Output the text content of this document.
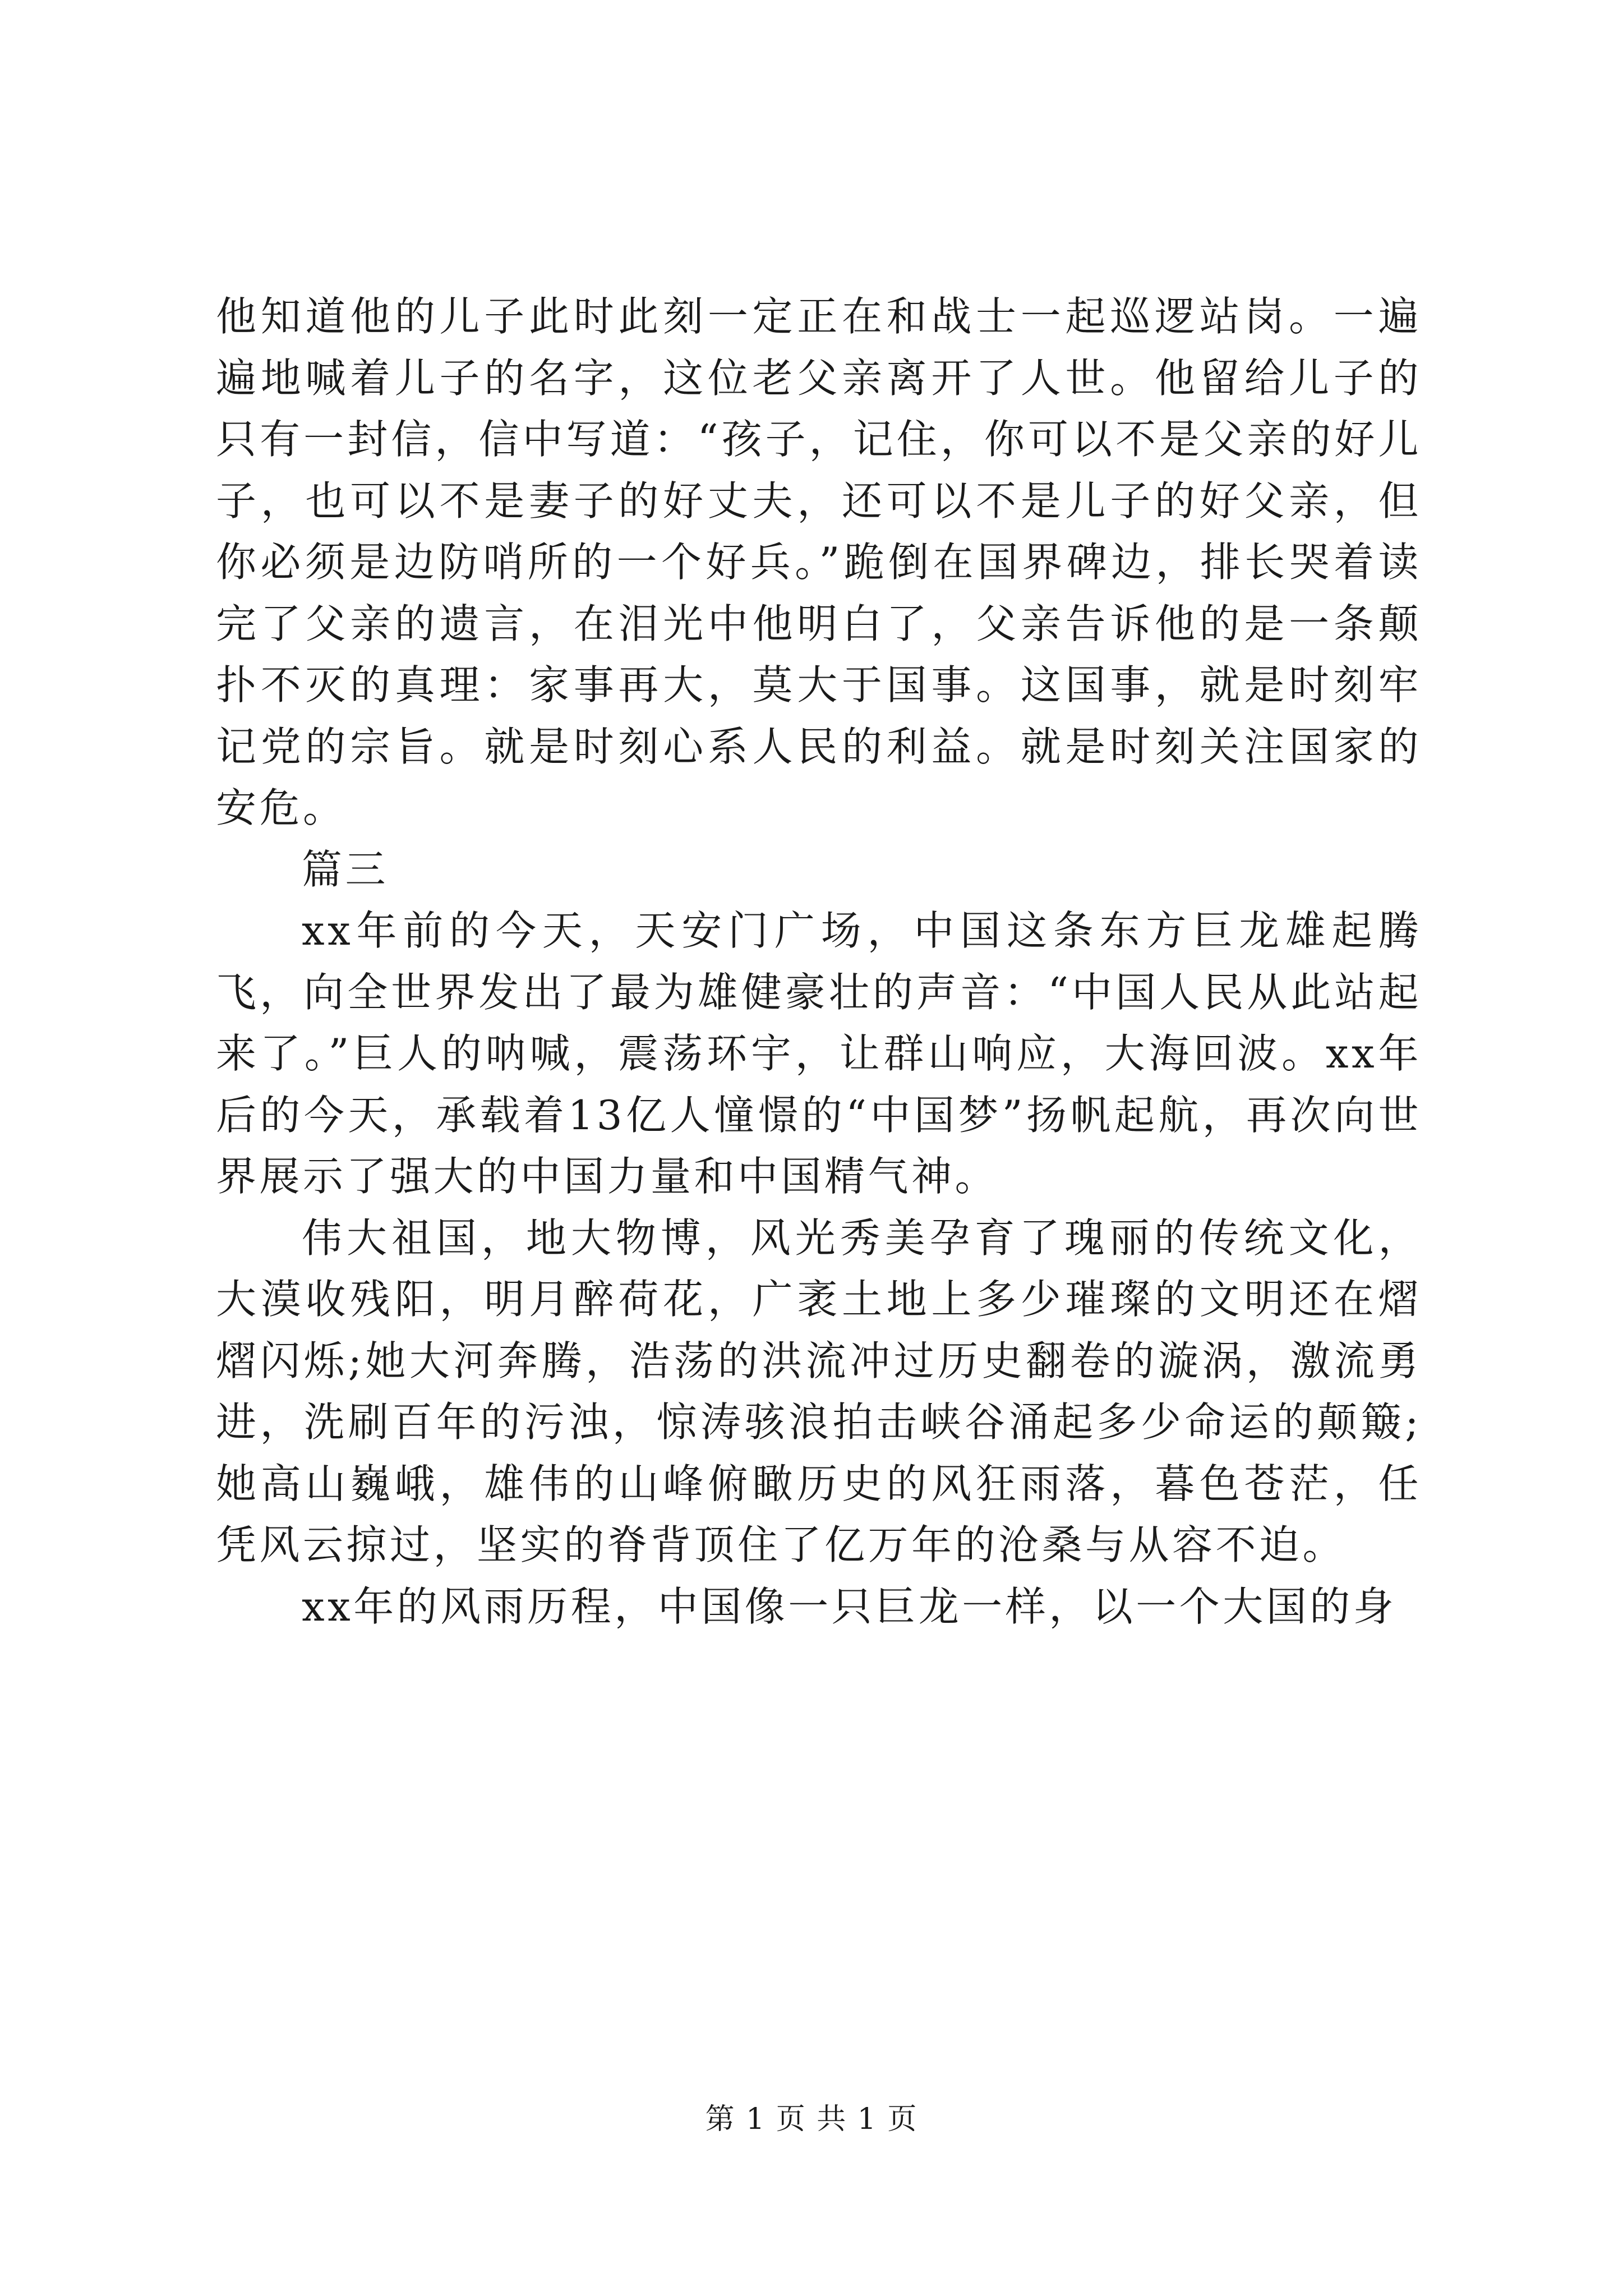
他知道他的儿子此时此刻一定正在和战士一起巡逻站岗。一遍遍地喊着儿子的名字，这位老父亲离开了人世。他留给儿子的只有一封信，信中写道：“孩子，记住，你可以不是父亲的好儿子，也可以不是妻子的好丈夫，还可以不是儿子的好父亲，但你必须是边防哨所的一个好兵。”跪倒在国界碑边，排长哭着读完了父亲的遗言，在泪光中他明白了，父亲告诉他的是一条颠扑不灭的真理：家事再大，莫大于国事。这国事，就是时刻牢记党的宗旨。就是时刻心系人民的利益。就是时刻关注国家的安危。

篇三

xx年前的今天，天安门广场，中国这条东方巨龙雄起腾飞，向全世界发出了最为雄健豪壮的声音：“中国人民从此站起来了。”巨人的呐喊，震荡环宇，让群山响应，大海回波。xx年后的今天，承载着13亿人憧憬的“中国梦”扬帆起航，再次向世界展示了强大的中国力量和中国精气神。

伟大祖国，地大物博，风光秀美孕育了瑰丽的传统文化，大漠收残阳，明月醉荷花，广袤土地上多少璀璨的文明还在熠熠闪烁;她大河奔腾，浩荡的洪流冲过历史翻卷的漩涡，激流勇进，洗刷百年的污浊，惊涛骇浪拍击峡谷涌起多少命运的颠簸;她高山巍峨，雄伟的山峰俯瞰历史的风狂雨落，暮色苍茫，任凭风云掠过，坚实的脊背顶住了亿万年的沧桑与从容不迫。

xx年的风雨历程，中国像一只巨龙一样，以一个大国的身

第 1 页 共 1 页
